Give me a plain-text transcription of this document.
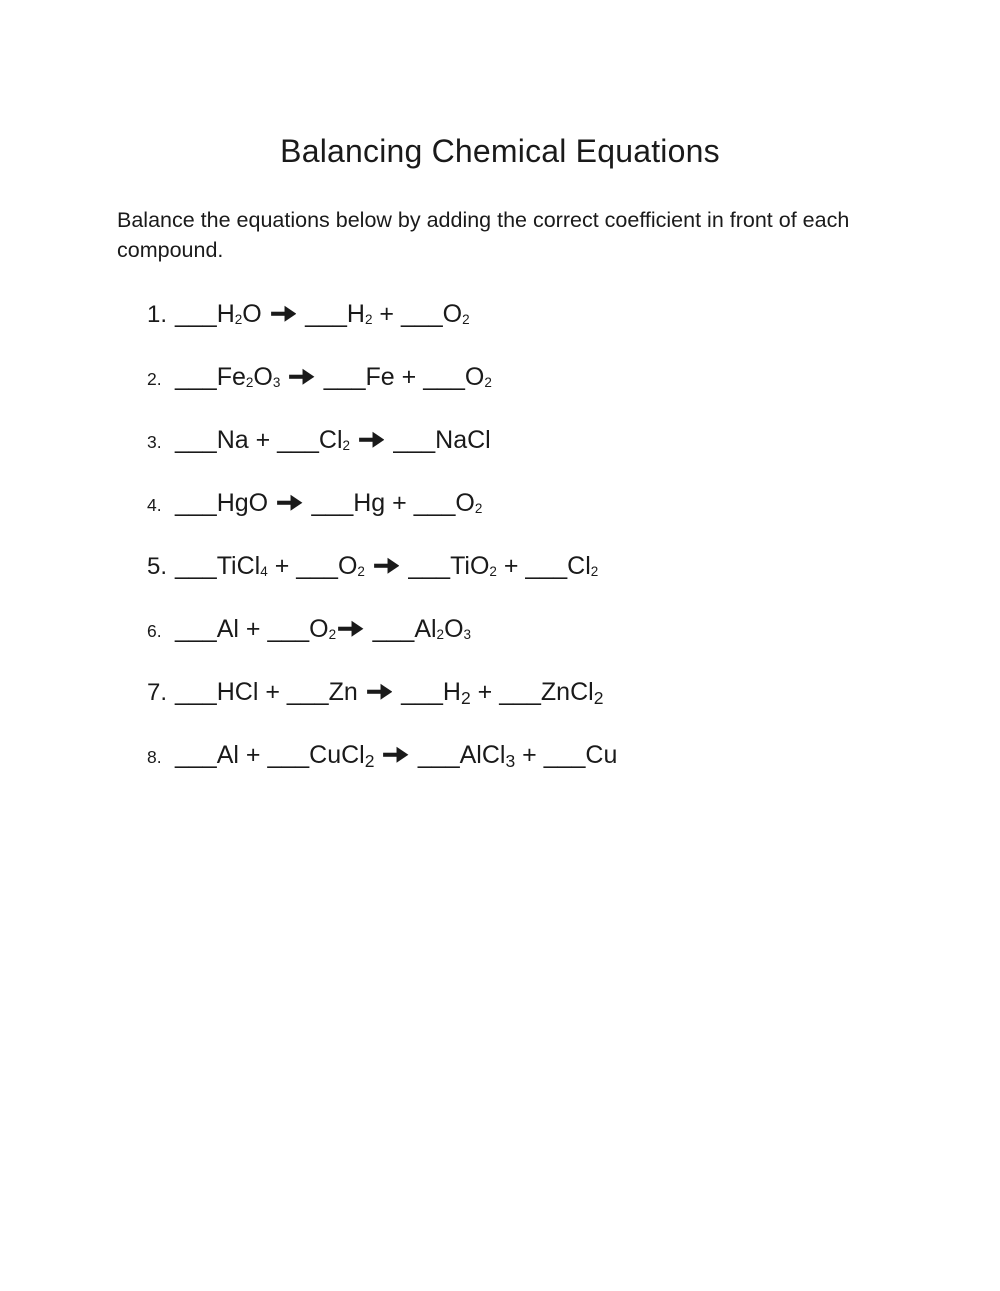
Balancing Chemical Equations

Balance the equations below by adding the correct coefficient in front of each compound.

1. $\_\_\_H_2O$  $\_\_\_H_2$ + $\_\_\_O_2$
2. $\_\_\_Fe_2O_3$ ___Fe + $\_\_\_O_2$
3. ___Na + $\_\_\_Cl_2$ ___NaCl
4. ___HgO  ___Hg + $\_\_\_O_2$
5. ___TiCl$_4$ + $\_\_\_O_2$ ___TiO$_2$ + $\_\_\_Cl_2$
6. ___Al + $\_\_\_O_2$ $\_\_\_Al_2O_3$
7. ___HCl + ___Zn  $\_\_\_H_2$ + ___ZnCl$_2$
8. ___Al + ___CuCl$_2$ ___AlCl$_3$ + ___Cu
